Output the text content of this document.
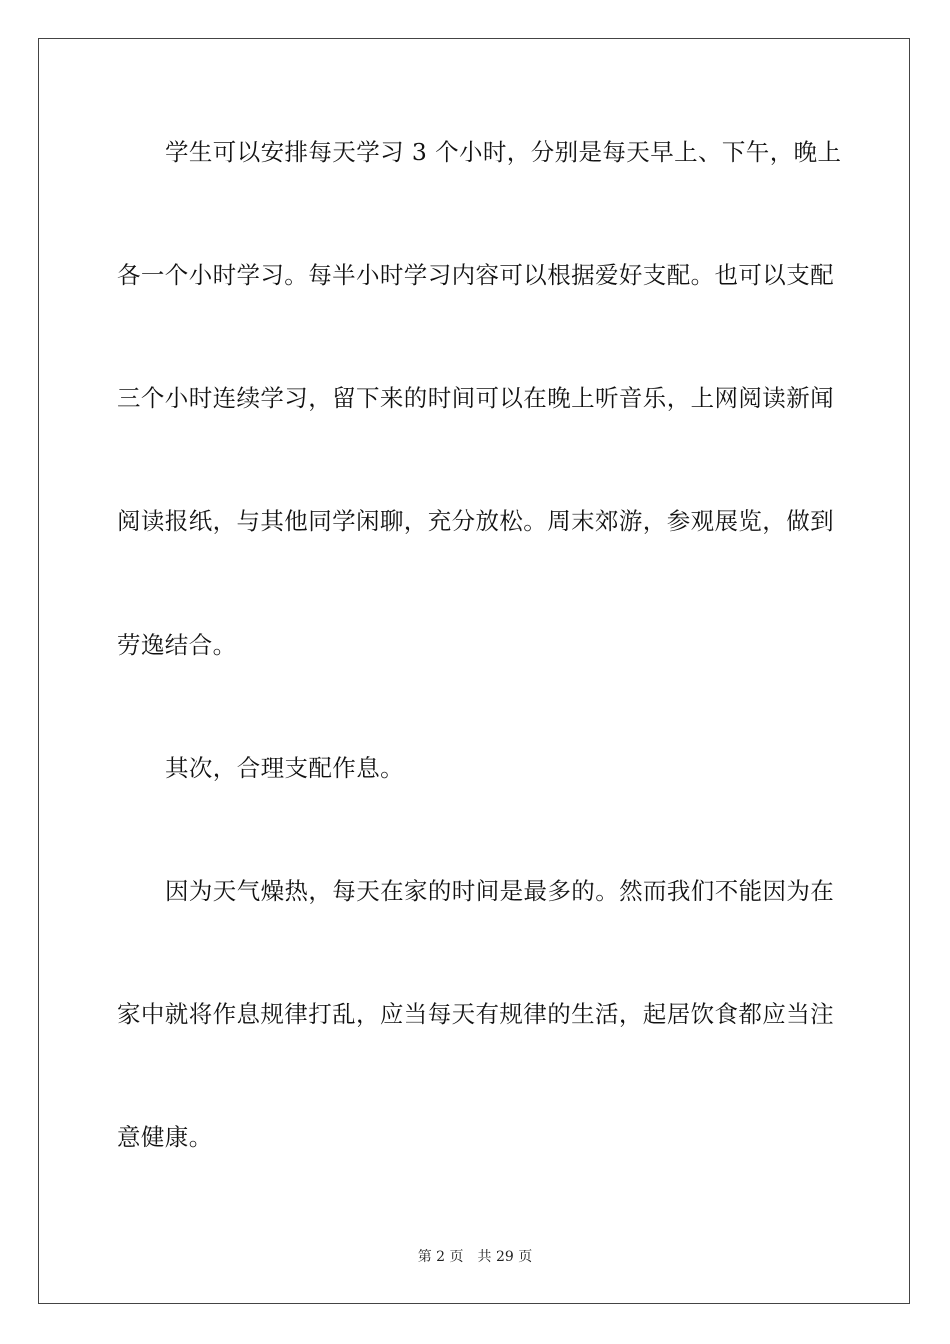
学生可以安排每天学习 3 个小时，分别是每天早上、下午，晚上
各一个小时学习。每半小时学习内容可以根据爱好支配。也可以支配
三个小时连续学习，留下来的时间可以在晚上听音乐，上网阅读新闻
阅读报纸，与其他同学闲聊，充分放松。周末郊游，参观展览，做到
劳逸结合。
其次，合理支配作息。
因为天气燥热，每天在家的时间是最多的。然而我们不能因为在
家中就将作息规律打乱，应当每天有规律的生活，起居饮食都应当注
意健康。
第 2 页 共 29 页
